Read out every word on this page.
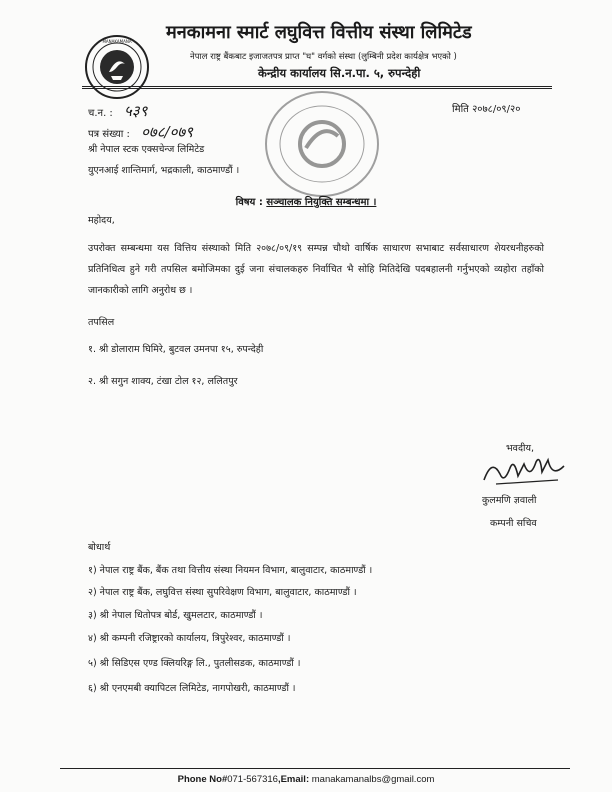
MANAKAMANA मनकामना स्मार्ट लघुवित्त वित्तीय संस्था लिमिटेड
नेपाल राष्ट्र बैंकबाट इजाजतपत्र प्राप्त "घ" वर्गको संस्था (लुम्बिनी प्रदेश कार्यक्षेत्र भएको )
केन्द्रीय कार्यालय सि.न.पा. ५, रुपन्देही
च.न. : ५३९	मिति २०७८/०९/२०
पत्र संख्या : ०७८/०७९
श्री नेपाल स्टक एक्सचेन्ज लिमिटेड
युएनआई शान्तिमार्ग, भद्रकाली, काठमाण्डौं ।
विषय : सञ्चालक नियुक्ति सम्बन्धमा ।
महोदय,
उपरोक्त सम्बन्धमा यस वित्तिय संस्थाको मिति २०७८/०९/१९ सम्पन्न चौथो वार्षिक साधारण सभाबाट सर्वसाधारण शेयरधनीहरुको प्रतिनिधित्व हुने गरी तपसिल बमोजिमका दुई जना संचालकहरु निर्वाचित भै सोहि मितिदेखि पदबहालनी गर्नुभएको व्यहोरा तहाँको जानकारीको लागि अनुरोध छ ।
तपसिल
१. श्री डोलाराम घिमिरे, बुटवल उमनपा १५, रुपन्देही
२. श्री सगुन शाक्य, टंखा टोल १२, ललितपुर
भवदीय,
कुलमणि ज्ञवाली
कम्पनी सचिव
बोधार्थ
१) नेपाल राष्ट्र बैंक, बैंक तथा वित्तीय संस्था नियमन विभाग, बालुवाटार, काठमाण्डौं ।
२) नेपाल राष्ट्र बैंक, लघुवित्त संस्था सुपरिवेक्षण विभाग, बालुवाटार, काठमाण्डौं ।
३) श्री नेपाल धितोपत्र बोर्ड, खुमलटार, काठमाण्डौं ।
४) श्री कम्पनी रजिष्ट्रारको कार्यालय, त्रिपुरेश्वर, काठमाण्डौं ।
५) श्री सिडिएस एण्ड क्लियरिङ्ग लि., पुतलीसडक, काठमाण्डौं ।
६) श्री एनएमबी क्यापिटल लिमिटेड, नागपोखरी, काठमाण्डौं ।
Phone No#071-567316,Email: manakamanalbs@gmail.com
